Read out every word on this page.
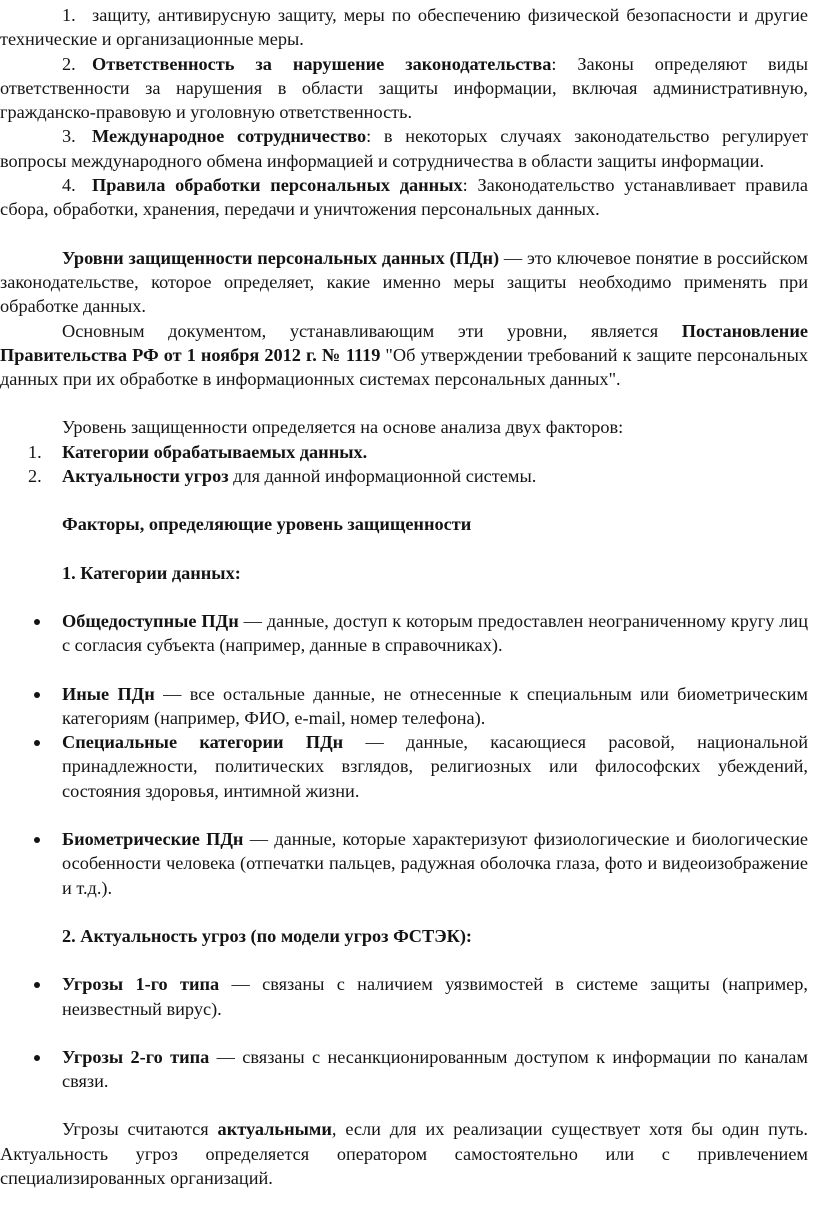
1. защиту, антивирусную защиту, меры по обеспечению физической безопасности и другие технические и организационные меры.

2. Ответственность за нарушение законодательства: Законы определяют виды ответственности за нарушения в области защиты информации, включая административную, гражданско-правовую и уголовную ответственность.

3. Международное сотрудничество: в некоторых случаях законодательство регулирует вопросы международного обмена информацией и сотрудничества в области защиты информации.

4. Правила обработки персональных данных: Законодательство устанавливает правила сбора, обработки, хранения, передачи и уничтожения персональных данных.

Уровни защищенности персональных данных (ПДн) — это ключевое понятие в российском законодательстве, которое определяет, какие именно меры защиты необходимо применять при обработке данных.

Основным документом, устанавливающим эти уровни, является Постановление Правительства РФ от 1 ноября 2012 г. № 1119 "Об утверждении требований к защите персональных данных при их обработке в информационных системах персональных данных".

Уровень защищенности определяется на основе анализа двух факторов:

1. Категории обрабатываемых данных.
2. Актуальности угроз для данной информационной системы.

Факторы, определяющие уровень защищенности

1. Категории данных:

Общедоступные ПДн — данные, доступ к которым предоставлен неограниченному кругу лиц с согласия субъекта (например, данные в справочниках).
Иные ПДн — все остальные данные, не отнесенные к специальным или биометрическим категориям (например, ФИО, e-mail, номер телефона).
Специальные категории ПДн — данные, касающиеся расовой, национальной принадлежности, политических взглядов, религиозных или философских убеждений, состояния здоровья, интимной жизни.
Биометрические ПДн — данные, которые характеризуют физиологические и биологические особенности человека (отпечатки пальцев, радужная оболочка глаза, фото и видеоизображение и т.д.).

2. Актуальность угроз (по модели угроз ФСТЭК):

Угрозы 1-го типа — связаны с наличием уязвимостей в системе защиты (например, неизвестный вирус).
Угрозы 2-го типа — связаны с несанкционированным доступом к информации по каналам связи.

Угрозы считаются актуальными, если для их реализации существует хотя бы один путь. Актуальность угроз определяется оператором самостоятельно или с привлечением специализированных организаций.
